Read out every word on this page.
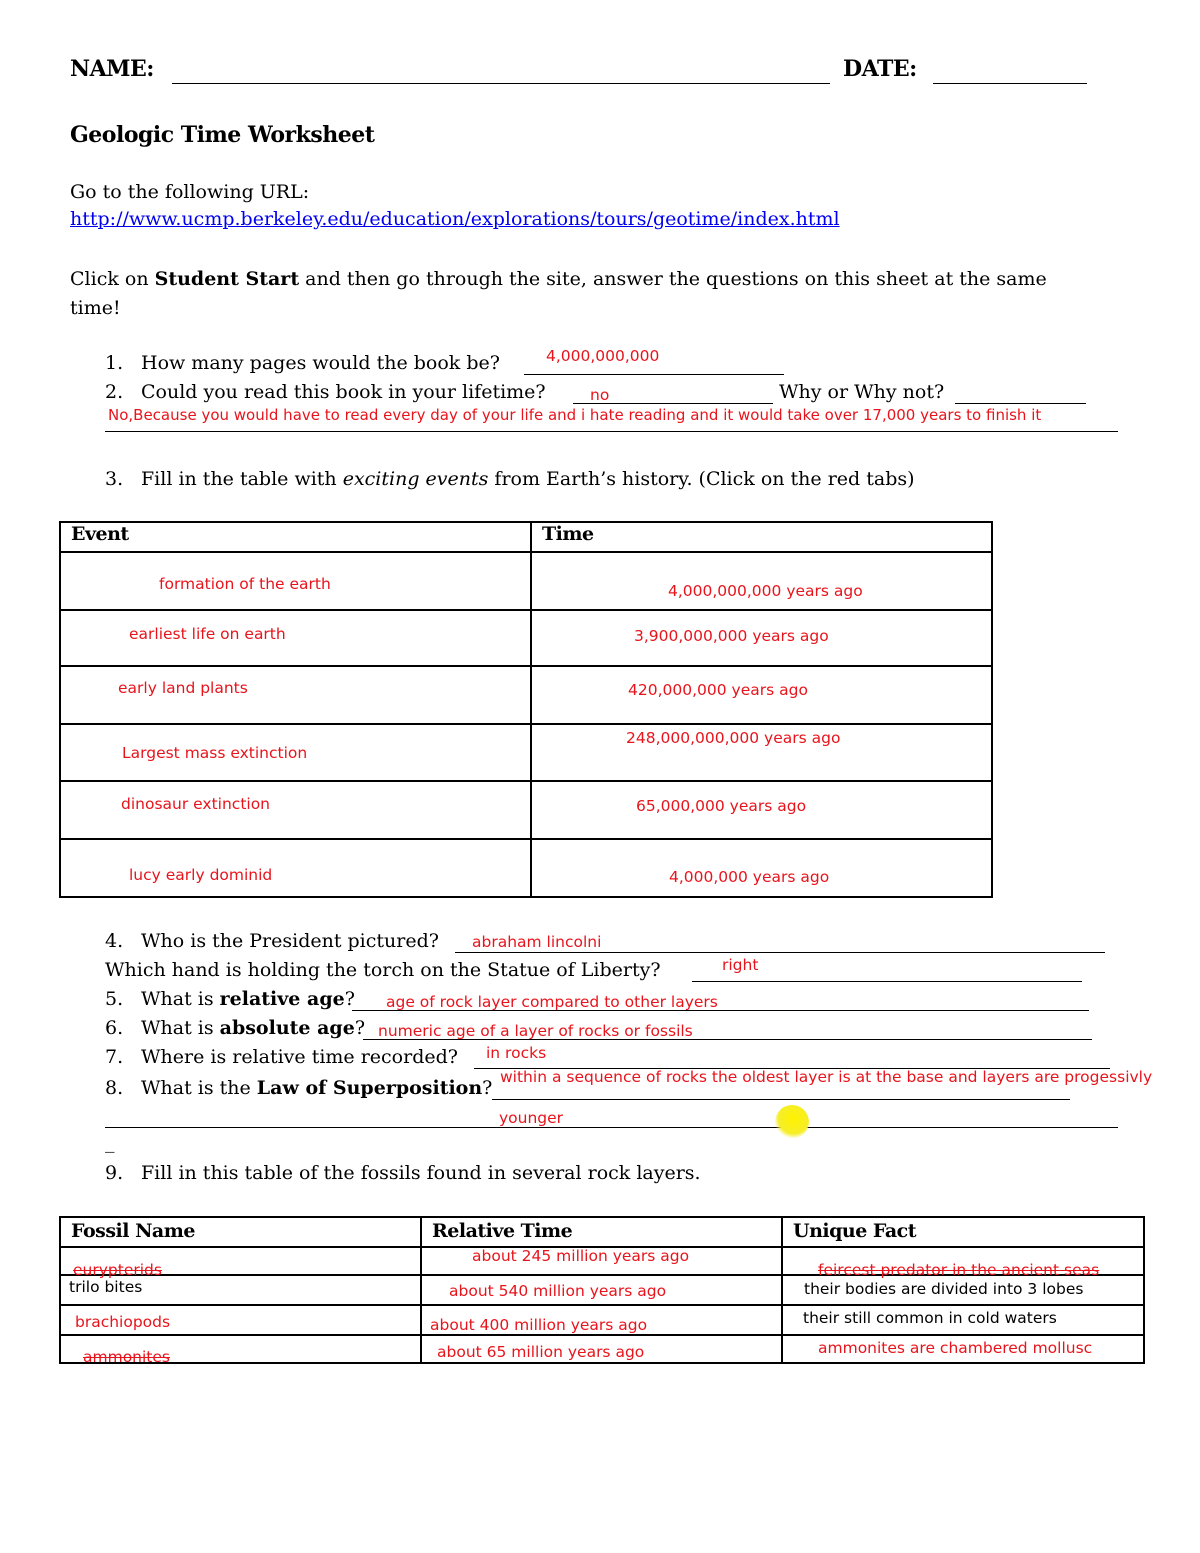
NAME:	DATE:
Geologic Time Worksheet
Go to the following URL:
http://www.ucmp.berkeley.edu/education/explorations/tours/geotime/index.html
Click on Student Start and then go through the site, answer the questions on this sheet at the same
time!
1. How many pages would the book be?	4,000,000,000
2. Could you read this book in your lifetime?	no	Why or Why not?
No,Because you would have to read every day of your life and i hate reading and it would take over 17,000 years to finish it
3. Fill in the table with exciting events from Earth’s history. (Click on the red tabs)
Event	Time

formation of the earth	4,000,000,000 years ago

earliest life on earth	3,900,000,000 years ago

early land plants	420,000,000 years ago

Largest mass extinction	248,000,000,000 years ago

dinosaur extinction	65,000,000 years ago

lucy early dominid	4,000,000 years ago
4. Who is the President pictured? abraham lincolni
Which hand is holding the torch on the Statue of Liberty?	right
5. What is relative age? age of rock layer compared to other layers
6. What is absolute age? numeric age of a layer of rocks or fossils
7. Where is relative time recorded? in rocks
8. What is the Law of Superposition? within a sequence of rocks the oldest layer is at the base and layers are progessivly
younger
_
9. Fill in this table of the fossils found in several rock layers.
Fossil Name	Relative Time	Unique Fact

eurypterids	about 245 million years ago	feircest predator in the ancient seas

trilo bites	about 540 million years ago	their bodies are divided into 3 lobes

brachiopods	about 400 million years ago	their still common in cold waters

ammonites	about 65 million years ago	ammonites are chambered mollusc
